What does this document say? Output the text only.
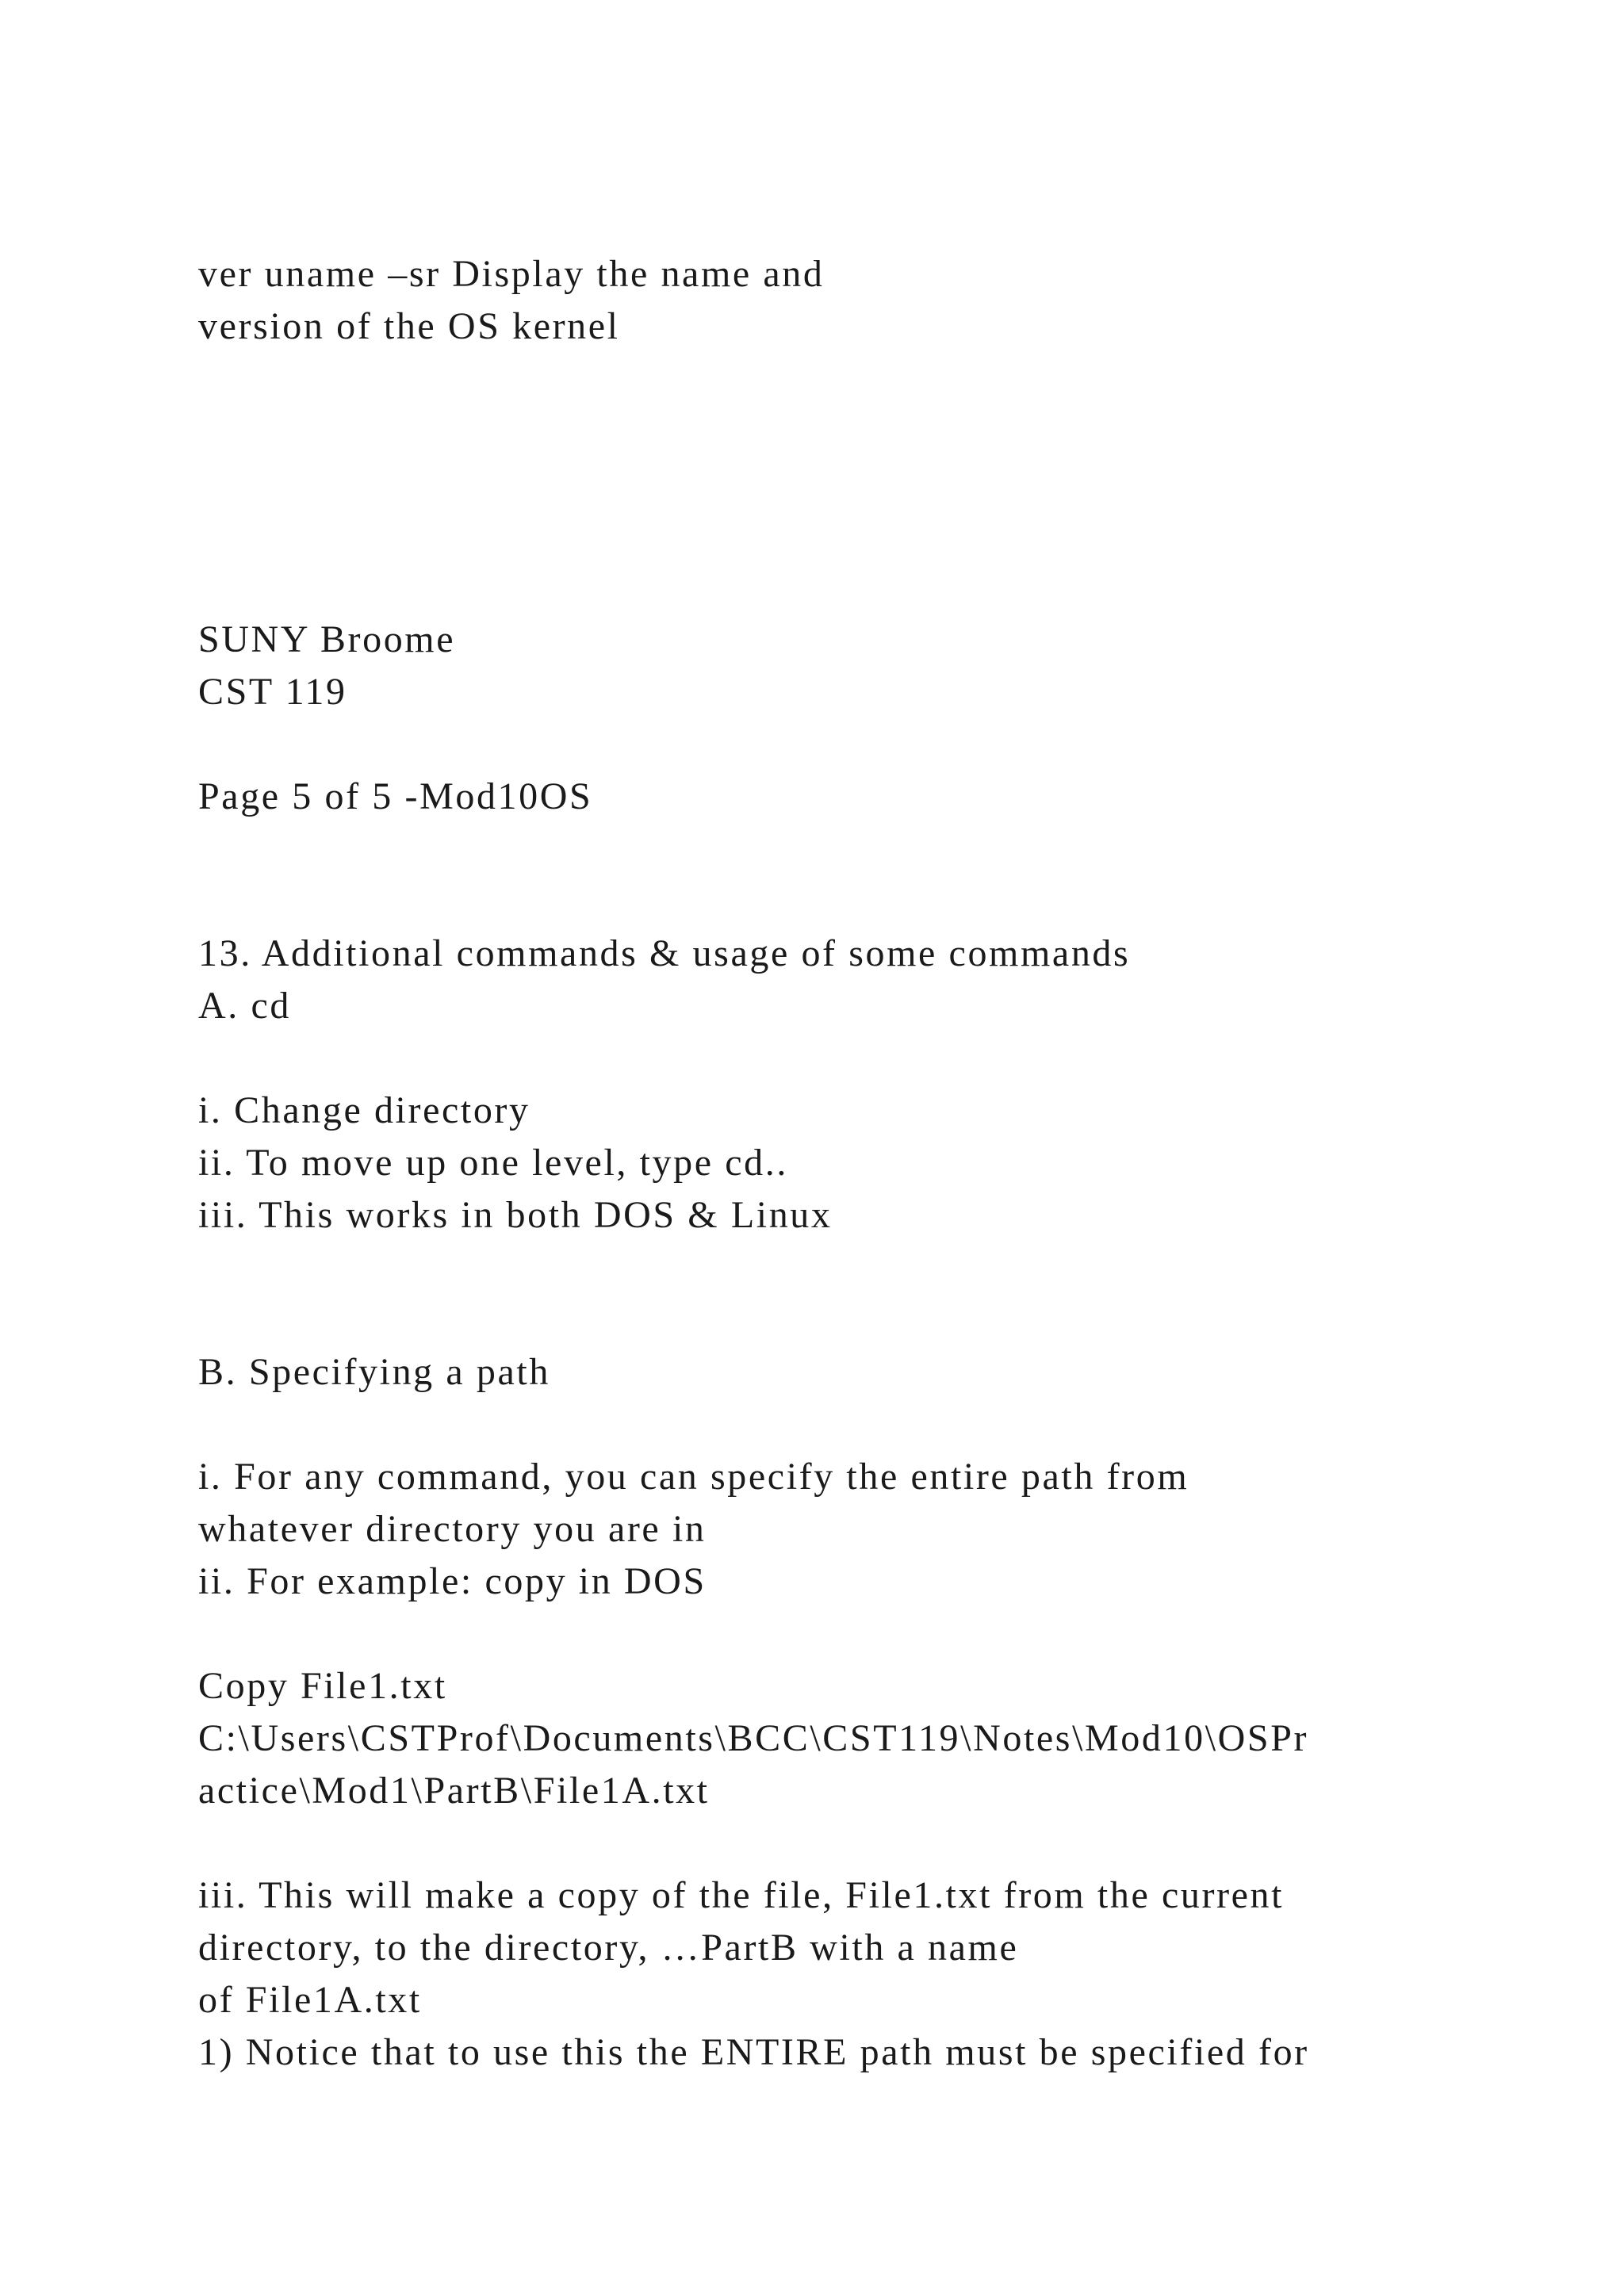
ver uname –sr Display the name and

version of the OS kernel

SUNY Broome

CST 119

Page 5 of 5 -Mod10OS

13. Additional commands & usage of some commands

A. cd

i. Change directory

ii. To move up one level, type cd..

iii. This works in both DOS & Linux

B. Specifying a path

i. For any command, you can specify the entire path from

whatever directory you are in

ii. For example: copy in DOS

Copy File1.txt

C:\Users\CSTProf\Documents\BCC\CST119\Notes\Mod10\OSPr

actice\Mod1\PartB\File1A.txt

iii. This will make a copy of the file, File1.txt from the current

directory, to the directory, …PartB with a name

of File1A.txt

1) Notice that to use this the ENTIRE path must be specified for
